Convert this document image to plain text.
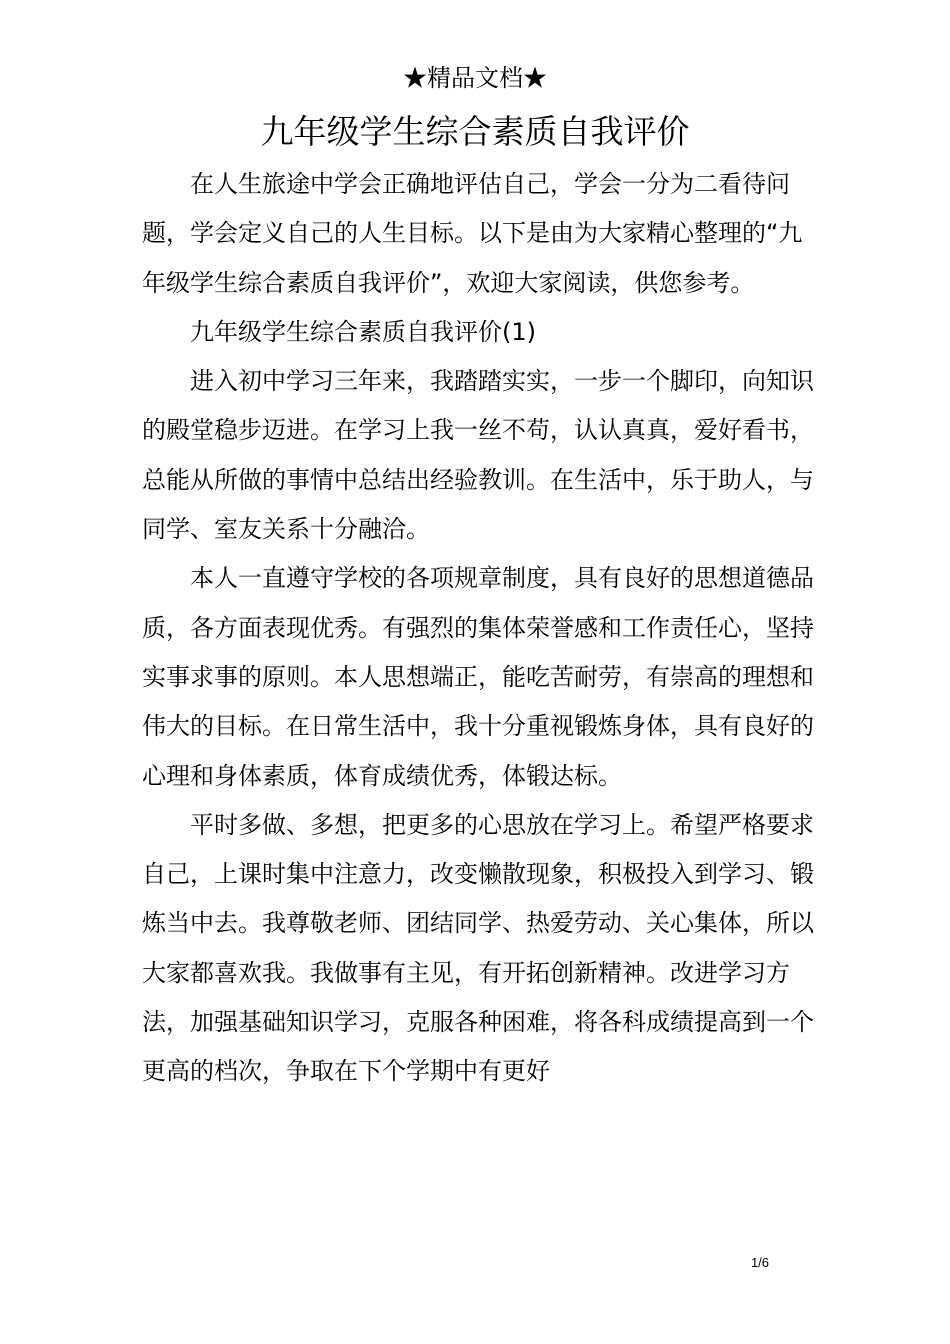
★精品文档★
九年级学生综合素质自我评价

在人生旅途中学会正确地评估自己，学会一分为二看待问题，学会定义自己的人生目标。以下是由为大家精心整理的“九年级学生综合素质自我评价”，欢迎大家阅读，供您参考。

九年级学生综合素质自我评价(1)

进入初中学习三年来，我踏踏实实，一步一个脚印，向知识的殿堂稳步迈进。在学习上我一丝不苟，认认真真，爱好看书，总能从所做的事情中总结出经验教训。在生活中，乐于助人，与同学、室友关系十分融洽。

本人一直遵守学校的各项规章制度，具有良好的思想道德品质，各方面表现优秀。有强烈的集体荣誉感和工作责任心，坚持实事求事的原则。本人思想端正，能吃苦耐劳，有崇高的理想和伟大的目标。在日常生活中，我十分重视锻炼身体，具有良好的心理和身体素质，体育成绩优秀，体锻达标。

平时多做、多想，把更多的心思放在学习上。希望严格要求自己，上课时集中注意力，改变懒散现象，积极投入到学习、锻炼当中去。我尊敬老师、团结同学、热爱劳动、关心集体，所以大家都喜欢我。我做事有主见，有开拓创新精神。改进学习方法，加强基础知识学习，克服各种困难，将各科成绩提高到一个更高的档次，争取在下个学期中有更好

1/6
